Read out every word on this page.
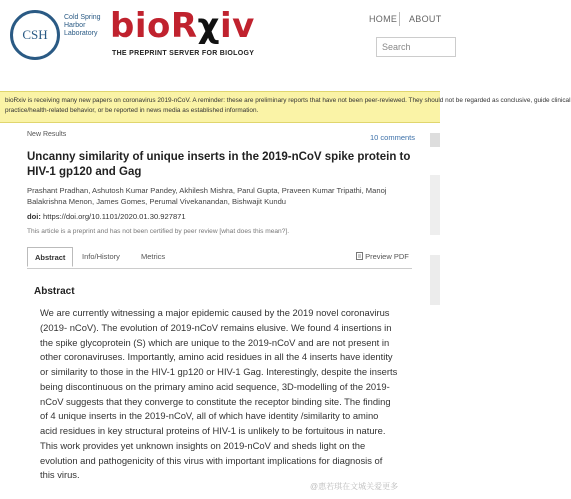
CSH
Cold Spring Harbor Laboratory bioRχiv
THE PREPRINT SERVER FOR BIOLOGY
HOME ABOUT
Search
bioRxiv is receiving many new papers on coronavirus 2019-nCoV. A reminder: these are preliminary reports that have not been peer-reviewed. They should not be regarded as conclusive, guide clinical
practice/health-related behavior, or be reported in news media as established information.
New Results	10 comments
Uncanny similarity of unique inserts in the 2019-nCoV spike protein to HIV-1 gp120 and Gag
Prashant Pradhan, Ashutosh Kumar Pandey, Akhilesh Mishra, Parul Gupta, Praveen Kumar Tripathi, Manoj Balakrishna Menon, James Gomes, Perumal Vivekanandan, Bishwajit Kundu
doi: https://doi.org/10.1101/2020.01.30.927871
This article is a preprint and has not been certified by peer review [what does this mean?].
Abstract	Info/History	Metrics	Preview PDF
Abstract
We are currently witnessing a major epidemic caused by the 2019 novel coronavirus
(2019- nCoV). The evolution of 2019-nCoV remains elusive. We found 4 insertions in
the spike glycoprotein (S) which are unique to the 2019-nCoV and are not present in
other coronaviruses. Importantly, amino acid residues in all the 4 inserts have identity
or similarity to those in the HIV-1 gp120 or HIV-1 Gag. Interestingly, despite the inserts
being discontinuous on the primary amino acid sequence, 3D-modelling of the 2019-
nCoV suggests that they converge to constitute the receptor binding site. The finding
of 4 unique inserts in the 2019-nCoV, all of which have identity /similarity to amino
acid residues in key structural proteins of HIV-1 is unlikely to be fortuitous in nature.
This work provides yet unknown insights on 2019-nCoV and sheds light on the
evolution and pathogenicity of this virus with important implications for diagnosis of
this virus.
@惠若琪在文城关爱更多
